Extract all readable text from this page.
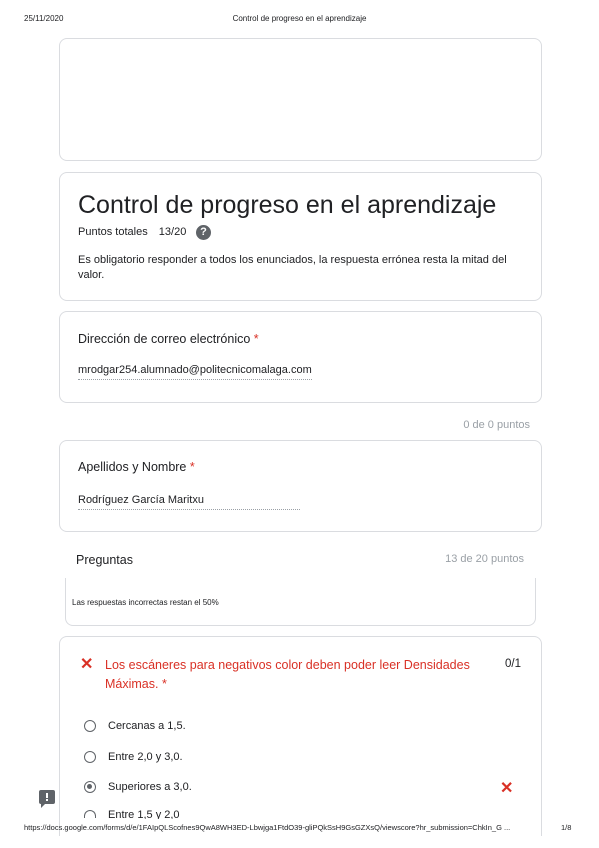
25/11/2020	Control de progreso en el aprendizaje
Control de progreso en el aprendizaje
Puntos totales 13/20	?
Es obligatorio responder a todos los enunciados, la respuesta errónea resta la mitad del valor.
Dirección de correo electrónico *
mrodgar254.alumnado@politecnicomalaga.com
0 de 0 puntos
Apellidos y Nombre *
Rodríguez García Maritxu
Preguntas	13 de 20 puntos
Las respuestas incorrectas restan el 50%
✕ Los escáneres para negativos color deben poder leer Densidades Máximas. *
0/1
Cercanas a 1,5.
Entre 2,0 y 3,0.
Superiores a 3,0.	✕
Entre 1,5 y 2,0
https://docs.google.com/forms/d/e/1FAIpQLScofnes9QwA8WH3ED-Lbwjga1FtdO39-gliPQkSsH9GsGZXsQ/viewscore?hr_submission=ChkIn_G ...	1/8
